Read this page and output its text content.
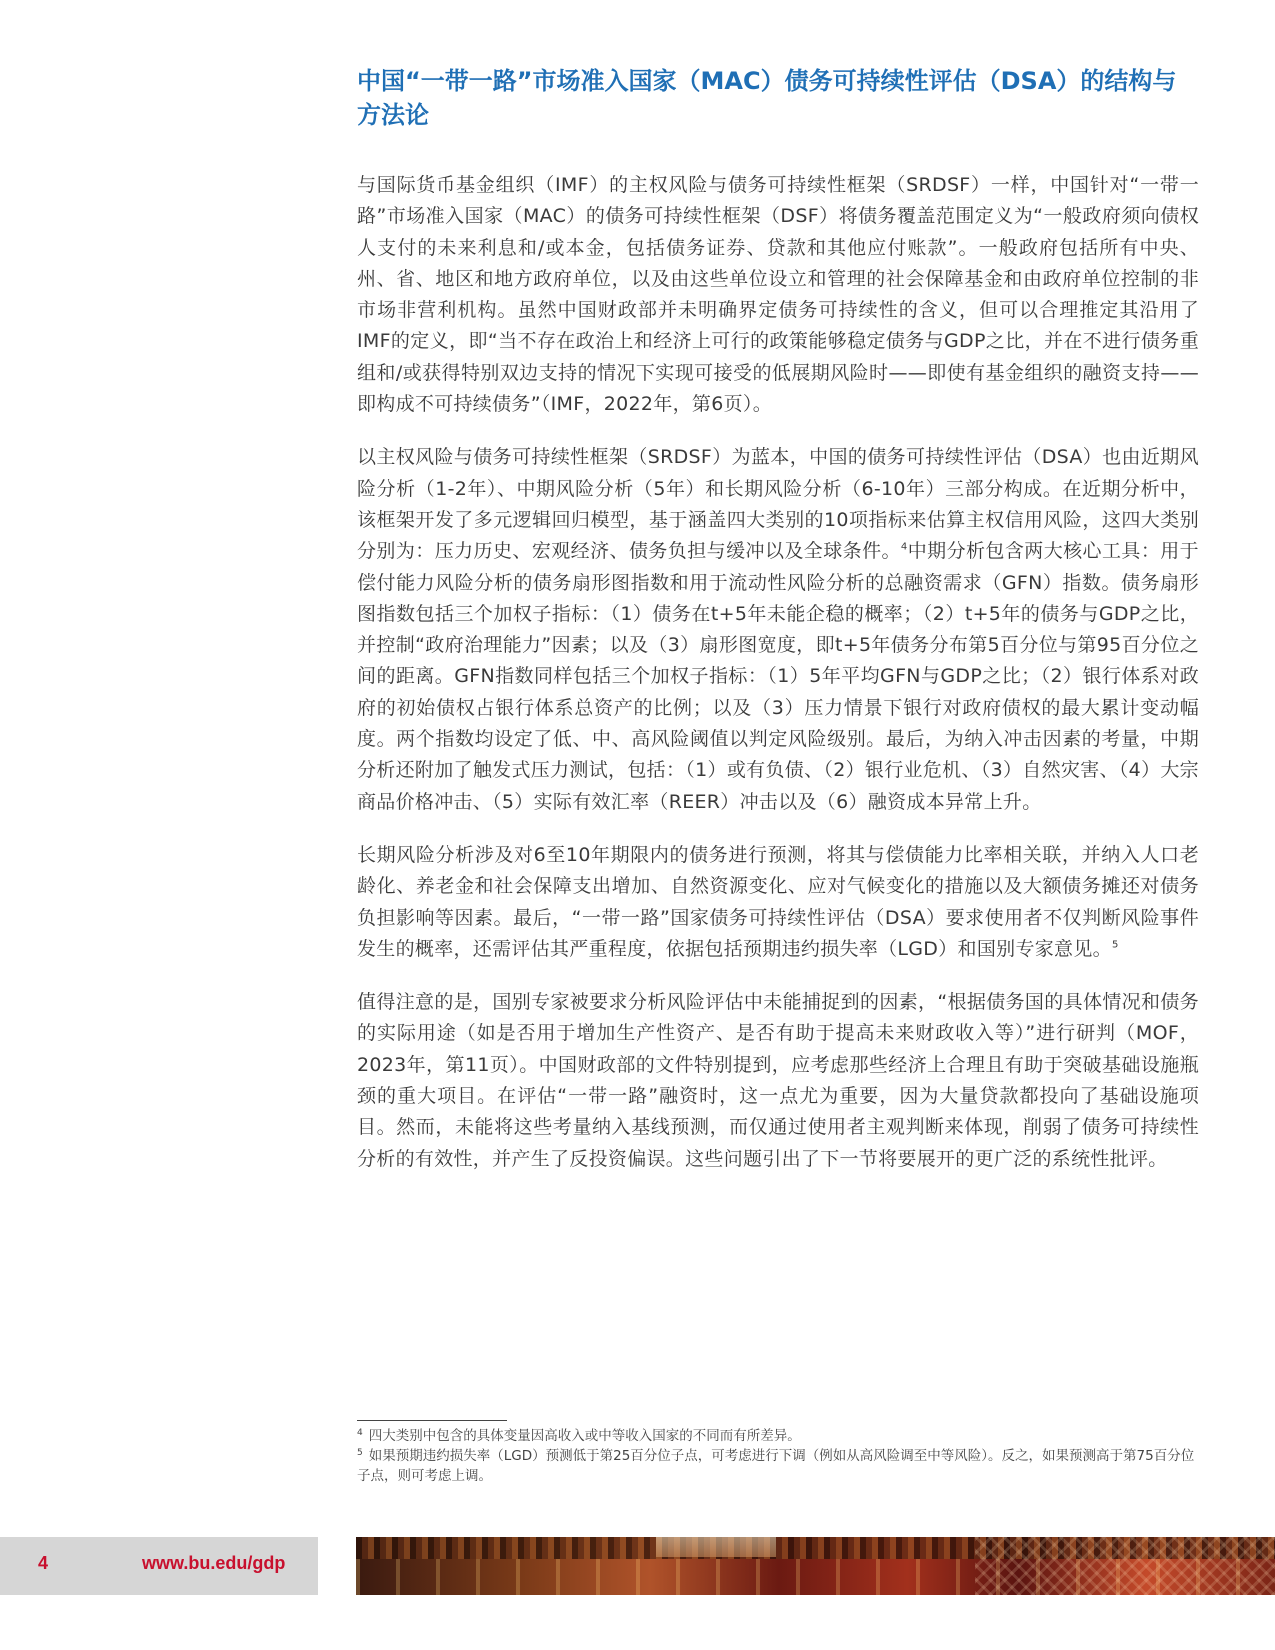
中国“一带一路”市场准入国家（MAC）债务可持续性评估（DSA）的结构与方法论

与国际货币基金组织（IMF）的主权风险与债务可持续性框架（SRDSF）一样，中国针对“一带一路”市场准入国家（MAC）的债务可持续性框架（DSF）将债务覆盖范围定义为“一般政府须向债权人支付的未来利息和/或本金，包括债务证券、贷款和其他应付账款”。一般政府包括所有中央、州、省、地区和地方政府单位，以及由这些单位设立和管理的社会保障基金和由政府单位控制的非市场非营利机构。虽然中国财政部并未明确界定债务可持续性的含义，但可以合理推定其沿用了IMF的定义，即“当不存在政治上和经济上可行的政策能够稳定债务与GDP之比，并在不进行债务重组和/或获得特别双边支持的情况下实现可接受的低展期风险时——即使有基金组织的融资支持——即构成不可持续债务”（IMF，2022年，第6页）。

以主权风险与债务可持续性框架（SRDSF）为蓝本，中国的债务可持续性评估（DSA）也由近期风险分析（1-2年）、中期风险分析（5年）和长期风险分析（6-10年）三部分构成。在近期分析中，该框架开发了多元逻辑回归模型，基于涵盖四大类别的10项指标来估算主权信用风险，这四大类别分别为：压力历史、宏观经济、债务负担与缓冲以及全球条件。$^4$中期分析包含两大核心工具：用于偿付能力风险分析的债务扇形图指数和用于流动性风险分析的总融资需求（GFN）指数。债务扇形图指数包括三个加权子指标：（1）债务在t+5年未能企稳的概率；（2）t+5年的债务与GDP之比，并控制“政府治理能力”因素；以及（3）扇形图宽度，即t+5年债务分布第5百分位与第95百分位之间的距离。GFN指数同样包括三个加权子指标：（1）5年平均GFN与GDP之比；（2）银行体系对政府的初始债权占银行体系总资产的比例；以及（3）压力情景下银行对政府债权的最大累计变动幅度。两个指数均设定了低、中、高风险阈值以判定风险级别。最后，为纳入冲击因素的考量，中期分析还附加了触发式压力测试，包括：（1）或有负债、（2）银行业危机、（3）自然灾害、（4）大宗商品价格冲击、（5）实际有效汇率（REER）冲击以及（6）融资成本异常上升。

长期风险分析涉及对6至10年期限内的债务进行预测，将其与偿债能力比率相关联，并纳入人口老龄化、养老金和社会保障支出增加、自然资源变化、应对气候变化的措施以及大额债务摊还对债务负担影响等因素。最后，“一带一路”国家债务可持续性评估（DSA）要求使用者不仅判断风险事件发生的概率，还需评估其严重程度，依据包括预期违约损失率（LGD）和国别专家意见。$^5$

值得注意的是，国别专家被要求分析风险评估中未能捕捉到的因素，“根据债务国的具体情况和债务的实际用途（如是否用于增加生产性资产、是否有助于提高未来财政收入等）”进行研判（MOF，2023年，第11页）。中国财政部的文件特别提到，应考虑那些经济上合理且有助于突破基础设施瓶颈的重大项目。在评估“一带一路”融资时，这一点尤为重要，因为大量贷款都投向了基础设施项目。然而，未能将这些考量纳入基线预测，而仅通过使用者主观判断来体现，削弱了债务可持续性分析的有效性，并产生了反投资偏误。这些问题引出了下一节将要展开的更广泛的系统性批评。

$^4$ 四大类别中包含的具体变量因高收入或中等收入国家的不同而有所差异。

$^5$ 如果预期违约损失率（LGD）预测低于第25百分位子点，可考虑进行下调（例如从高风险调至中等风险）。反之，如果预测高于第75百分位子点，则可考虑上调。

4	www.bu.edu/gdp
